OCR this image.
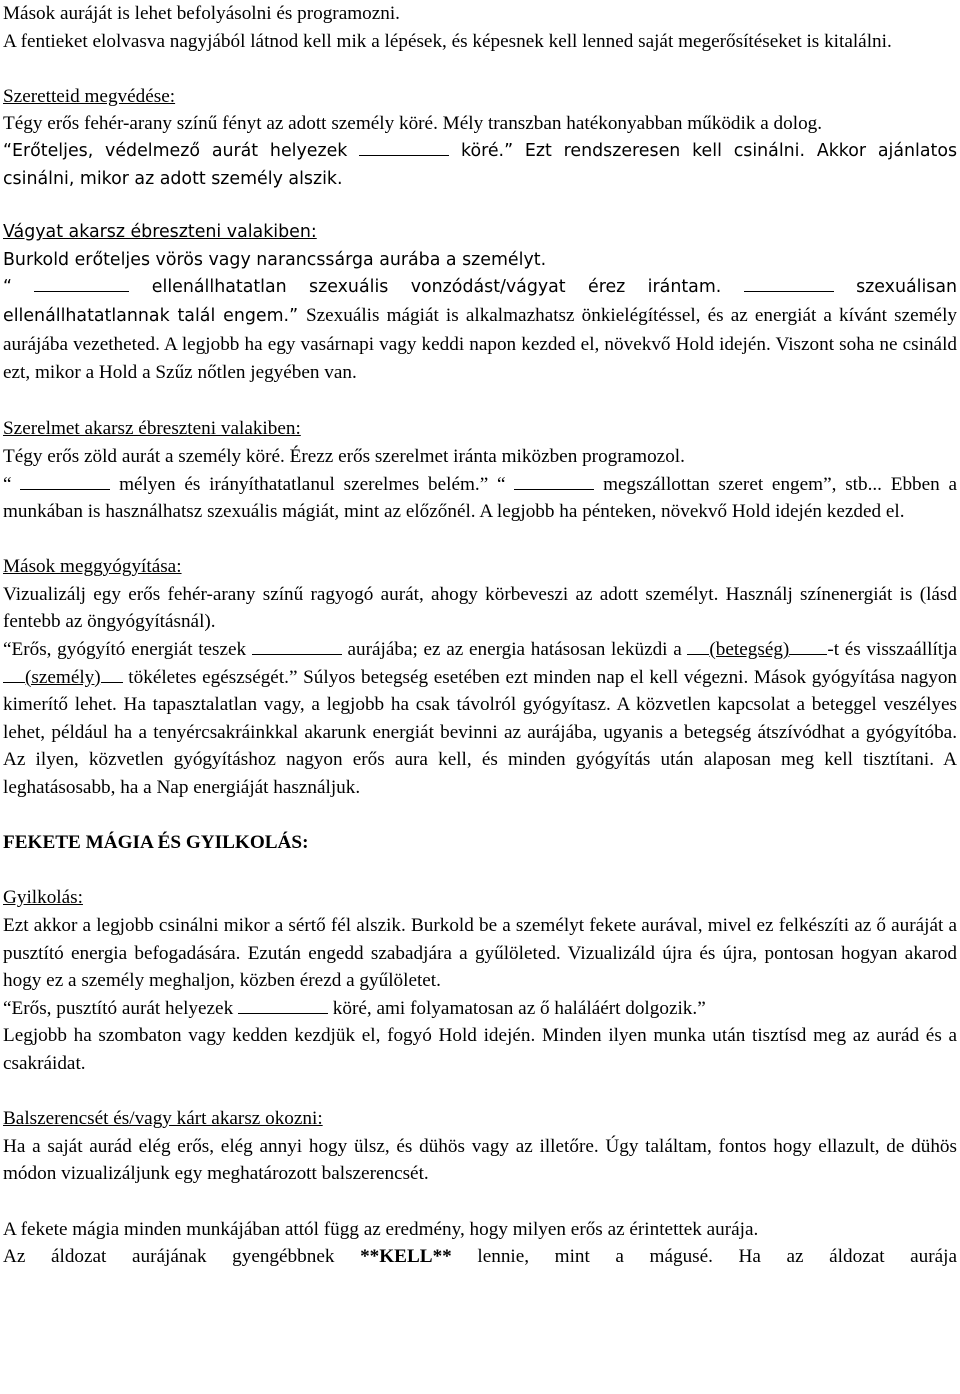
Mások auráját is lehet befolyásolni és programozni.

A fentieket elolvasva nagyjából látnod kell mik a lépések, és képesnek kell lenned saját megerősítéseket is kitalálni.

Szeretteid megvédése:

Tégy erős fehér-arany színű fényt az adott személy köré. Mély transzban hatékonyabban működik a dolog.

“Erőteljes, védelmező aurát helyezek	köré.” Ezt rendszeresen kell csinálni. Akkor ajánlatos csinálni, mikor az adott személy alszik.

Vágyat akarsz ébreszteni valakiben:

Burkold erőteljes vörös vagy narancssárga aurába a személyt.

“	ellenállhatatlan szexuális vonzódást/vágyat érez irántam.	szexuálisan ellenállhatatlannak talál engem.” Szexuális mágiát is alkalmazhatsz önkielégítéssel, és az energiát a kívánt személy aurájába vezetheted. A legjobb ha egy vasárnapi vagy keddi napon kezded el, növekvő Hold idején. Viszont soha ne csináld ezt, mikor a Hold a Szűz nőtlen jegyében van.

Szerelmet akarsz ébreszteni valakiben:

Tégy erős zöld aurát a személy köré. Érezz erős szerelmet iránta miközben programozol.

“	mélyen és irányíthatatlanul szerelmes belém.” “	megszállottan szeret engem”, stb... Ebben a munkában is használhatsz szexuális mágiát, mint az előzőnél. A legjobb ha pénteken, növekvő Hold idején kezded el.

Mások meggyógyítása:

Vizualizálj egy erős fehér-arany színű ragyogó aurát, ahogy körbeveszi az adott személyt. Használj színenergiát is (lásd fentebb az öngyógyításnál).

“Erős, gyógyító energiát teszek	aurájába; ez az energia hatásosan leküzdi a (betegség) -t és visszaállítja (személy) tökéletes egészségét.” Súlyos betegség esetében ezt minden nap el kell végezni. Mások gyógyítása nagyon kimerítő lehet. Ha tapasztalatlan vagy, a legjobb ha csak távolról gyógyítasz. A közvetlen kapcsolat a beteggel veszélyes lehet, például ha a tenyércsakráinkkal akarunk energiát bevinni az aurájába, ugyanis a betegség átszívódhat a gyógyítóba. Az ilyen, közvetlen gyógyításhoz nagyon erős aura kell, és minden gyógyítás után alaposan meg kell tisztítani. A leghatásosabb, ha a Nap energiáját használjuk.

FEKETE MÁGIA ÉS GYILKOLÁS:

Gyilkolás:

Ezt akkor a legjobb csinálni mikor a sértő fél alszik. Burkold be a személyt fekete aurával, mivel ez felkészíti az ő auráját a pusztító energia befogadására. Ezután engedd szabadjára a gyűlöleted. Vizualizáld újra és újra, pontosan hogyan akarod hogy ez a személy meghaljon, közben érezd a gyűlöletet.

“Erős, pusztító aurát helyezek	köré, ami folyamatosan az ő haláláért dolgozik.”

Legjobb ha szombaton vagy kedden kezdjük el, fogyó Hold idején. Minden ilyen munka után tisztísd meg az aurád és a csakráidat.

Balszerencsét és/vagy kárt akarsz okozni:

Ha a saját aurád elég erős, elég annyi hogy ülsz, és dühös vagy az illetőre. Úgy találtam, fontos hogy ellazult, de dühös módon vizualizáljunk egy meghatározott balszerencsét.

A fekete mágia minden munkájában attól függ az eredmény, hogy milyen erős az érintettek aurája.

Az áldozat aurájának gyengébbnek **KELL** lennie, mint a mágusé. Ha az áldozat aurája
